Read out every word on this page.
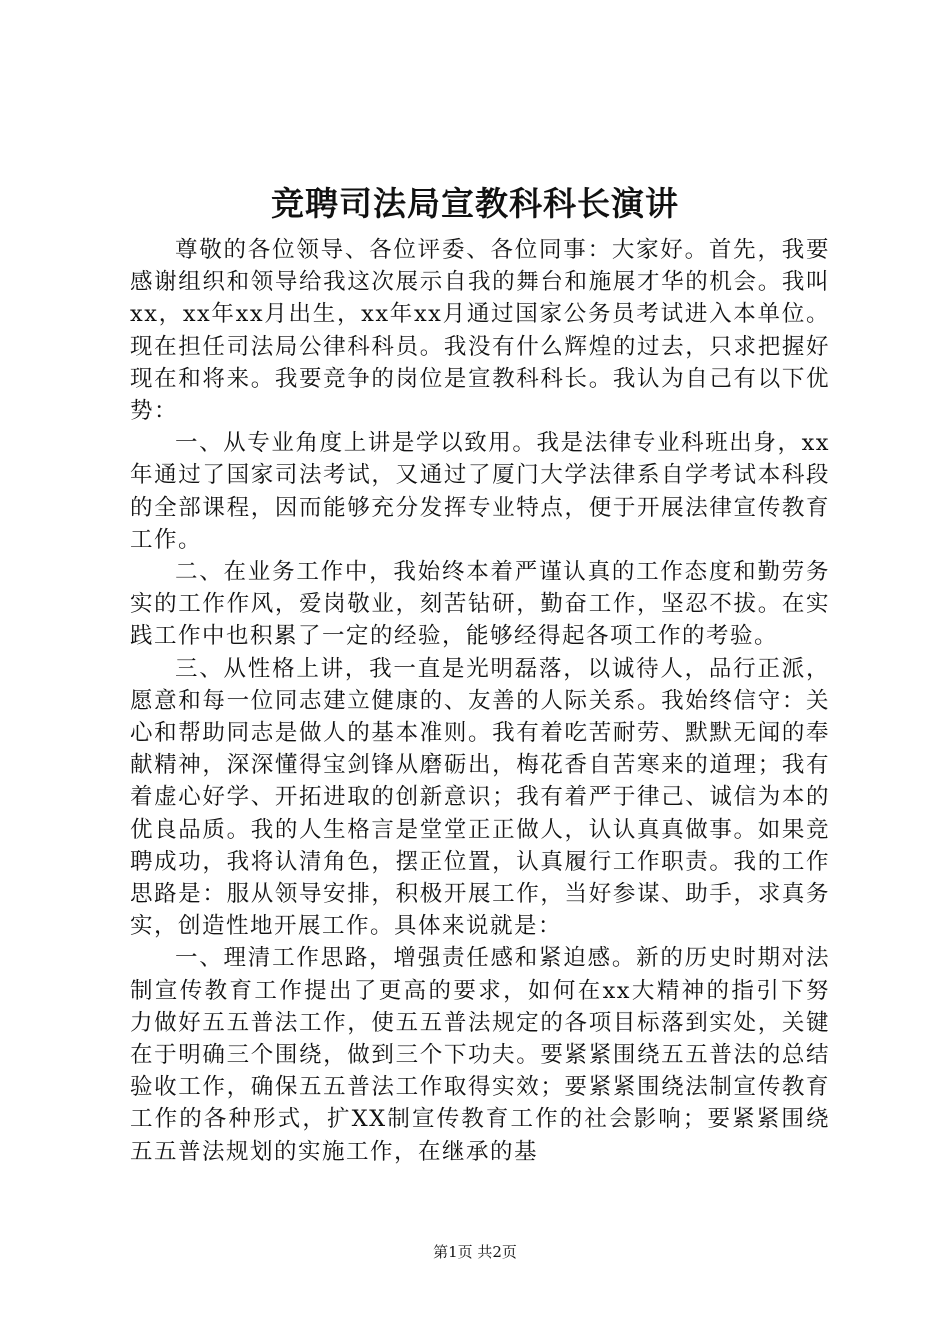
竞聘司法局宣教科科长演讲

尊敬的各位领导、各位评委、各位同事：大家好。首先，我要感谢组织和领导给我这次展示自我的舞台和施展才华的机会。我叫xx，xx年xx月出生，xx年xx月通过国家公务员考试进入本单位。现在担任司法局公律科科员。我没有什么辉煌的过去，只求把握好现在和将来。我要竞争的岗位是宣教科科长。我认为自己有以下优势：

一、从专业角度上讲是学以致用。我是法律专业科班出身，xx年通过了国家司法考试，又通过了厦门大学法律系自学考试本科段的全部课程，因而能够充分发挥专业特点，便于开展法律宣传教育工作。

二、在业务工作中，我始终本着严谨认真的工作态度和勤劳务实的工作作风，爱岗敬业，刻苦钻研，勤奋工作，坚忍不拔。在实践工作中也积累了一定的经验，能够经得起各项工作的考验。

三、从性格上讲，我一直是光明磊落，以诚待人，品行正派，愿意和每一位同志建立健康的、友善的人际关系。我始终信守：关心和帮助同志是做人的基本准则。我有着吃苦耐劳、默默无闻的奉献精神，深深懂得宝剑锋从磨砺出，梅花香自苦寒来的道理；我有着虚心好学、开拓进取的创新意识；我有着严于律己、诚信为本的优良品质。我的人生格言是堂堂正正做人，认认真真做事。如果竞聘成功，我将认清角色，摆正位置，认真履行工作职责。我的工作思路是：服从领导安排，积极开展工作，当好参谋、助手，求真务实，创造性地开展工作。具体来说就是：

一、理清工作思路，增强责任感和紧迫感。新的历史时期对法制宣传教育工作提出了更高的要求，如何在xx大精神的指引下努力做好五五普法工作，使五五普法规定的各项目标落到实处，关键在于明确三个围绕，做到三个下功夫。要紧紧围绕五五普法的总结验收工作，确保五五普法工作取得实效；要紧紧围绕法制宣传教育工作的各种形式，扩XX制宣传教育工作的社会影响；要紧紧围绕五五普法规划的实施工作，在继承的基

第1页 共2页
